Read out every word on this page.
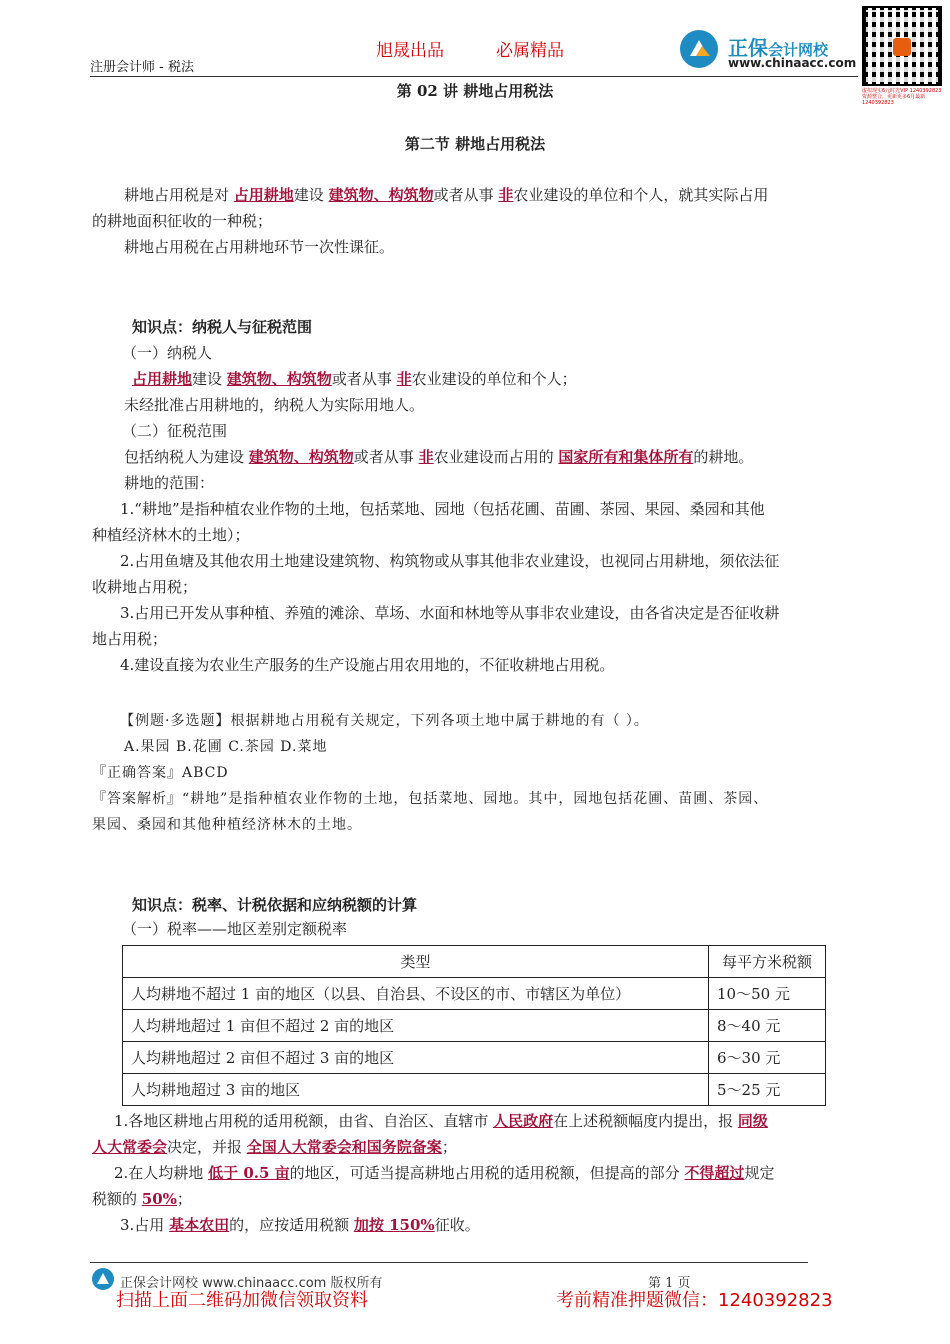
注册会计师 - 税法
旭晟出品	必属精品	正保会计网校
www.chinaacc.com
虚拟现实6元时光VIP 1240392823 资源整合，更新更多6月最新 1240392823
第 02 讲 耕地占用税法
第二节 耕地占用税法
耕地占用税是对 占用耕地建设 建筑物、构筑物或者从事 非农业建设的单位和个人，就其实际占用
的耕地面积征收的一种税；
耕地占用税在占用耕地环节一次性课征。
知识点：纳税人与征税范围
（一）纳税人
占用耕地建设 建筑物、构筑物或者从事 非农业建设的单位和个人；
未经批准占用耕地的，纳税人为实际用地人。
（二）征税范围
包括纳税人为建设 建筑物、构筑物或者从事 非农业建设而占用的 国家所有和集体所有的耕地。
耕地的范围：
1.“耕地”是指种植农业作物的土地，包括菜地、园地（包括花圃、苗圃、茶园、果园、桑园和其他
种植经济林木的土地）；
2.占用鱼塘及其他农用土地建设建筑物、构筑物或从事其他非农业建设，也视同占用耕地，须依法征
收耕地占用税；
3.占用已开发从事种植、养殖的滩涂、草场、水面和林地等从事非农业建设，由各省决定是否征收耕
地占用税；
4.建设直接为农业生产服务的生产设施占用农用地的，不征收耕地占用税。
【例题·多选题】根据耕地占用税有关规定，下列各项土地中属于耕地的有（ ）。
A.果园 B.花圃 C.茶园 D.菜地
『正确答案』ABCD
『答案解析』“耕地”是指种植农业作物的土地，包括菜地、园地。其中，园地包括花圃、苗圃、茶园、
果园、桑园和其他种植经济林木的土地。
知识点：税率、计税依据和应纳税额的计算
（一）税率——地区差别定额税率
类型	每平方米税额
人均耕地不超过 1 亩的地区（以县、自治县、不设区的市、市辖区为单位）	10～50 元
人均耕地超过 1 亩但不超过 2 亩的地区	8～40 元
人均耕地超过 2 亩但不超过 3 亩的地区	6～30 元
人均耕地超过 3 亩的地区	5～25 元
1.各地区耕地占用税的适用税额，由省、自治区、直辖市 人民政府在上述税额幅度内提出，报 同级
人大常委会决定，并报 全国人大常委会和国务院备案；
2.在人均耕地 低于 0.5 亩的地区，可适当提高耕地占用税的适用税额，但提高的部分 不得超过规定
税额的 50%；
3.占用 基本农田的，应按适用税额 加按 150%征收。
正保会计网校 www.chinaacc.com 版权所有	第 1 页
扫描上面二维码加微信领取资料	考前精准押题微信：1240392823
